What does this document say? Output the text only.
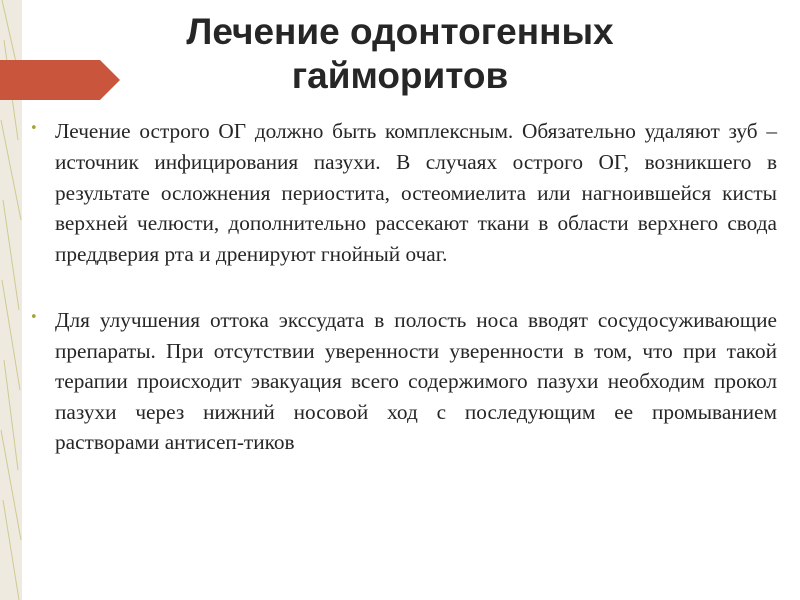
Лечение одонтогенных
гайморитов
• Лечение острого ОГ должно быть комплексным. Обязательно удаляют зуб – источник инфицирования пазухи. В случаях острого ОГ, возникшего в результате осложнения периостита, остеомиелита или нагноившейся кисты верхней челюсти, дополнительно рассекают ткани в области верхнего свода преддверия рта и дренируют гнойный очаг.

• Для улучшения оттока экссудата в полость носа вводят сосудосуживающие препараты. При отсутствии уверенности уверенности в том, что при такой терапии происходит эвакуация всего содержимого пазухи необходим прокол пазухи через нижний носовой ход с последующим ее промыванием растворами антисеп-тиков
